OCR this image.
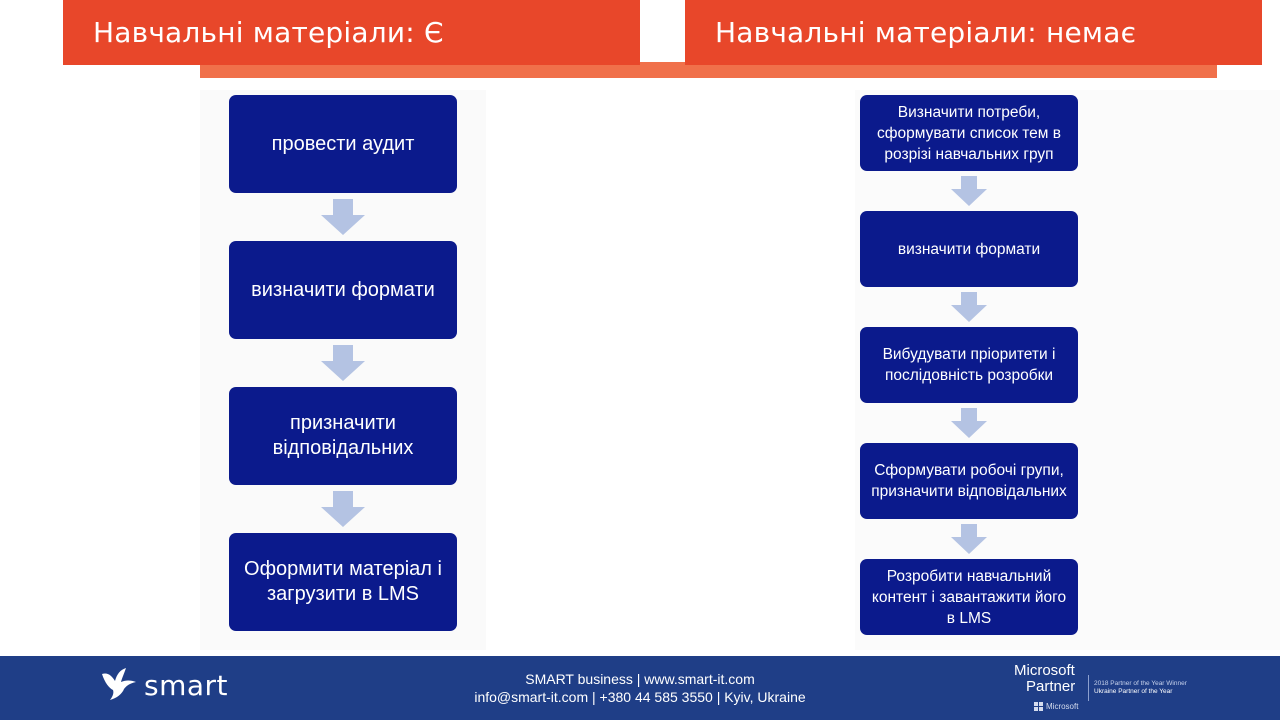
Навчальні матеріали: Є	Навчальні матеріали: немає
провести аудит
визначити формати
призначити відповідальних
Оформити матеріал і загрузити в LMS
Визначити потреби, сформувати список тем в розрізі навчальних груп
визначити формати
Вибудувати пріоритети і послідовність розробки
Сформувати робочі групи, призначити відповідальних
Розробити навчальний контент і завантажити його в LMS
smart	SMART business | www.smart-it.com
info@smart-it.com | +380 44 585 3550 | Kyiv, Ukraine
Microsoft
Partner	2018 Partner of the Year Winner
Ukraine Partner of the Year
Microsoft
